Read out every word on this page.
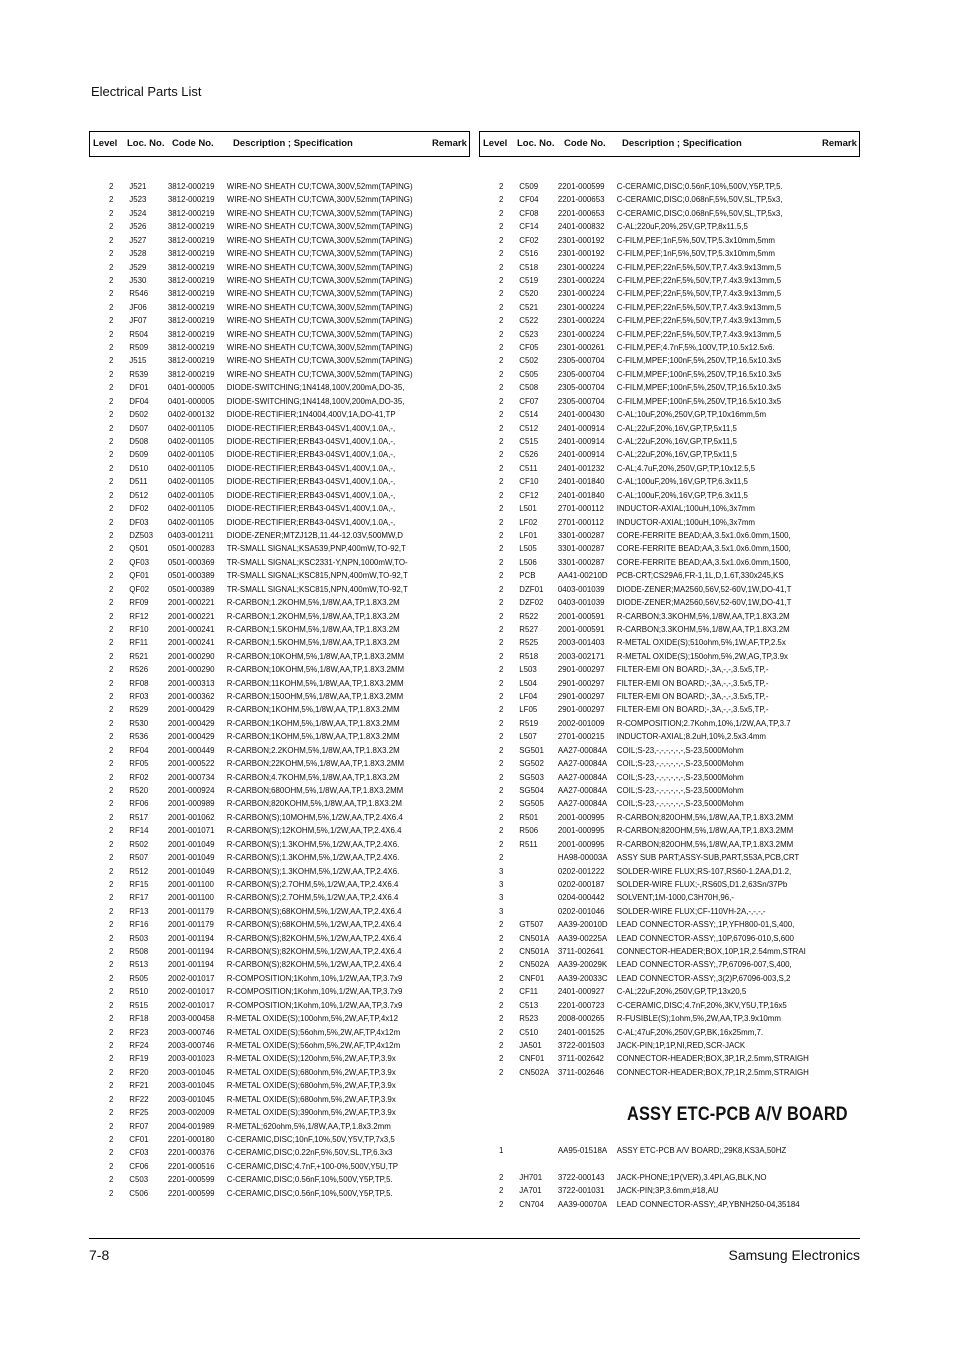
Electrical Parts List
Level Loc. No. Code No. Description ; Specification	Remark Level Loc. No. Code No. Description ; Specification	Remark
2 J521 3812-000219 WIRE-NO SHEATH CU;TCWA,300V,52mm(TAPING)
2 J523 3812-000219 WIRE-NO SHEATH CU;TCWA,300V,52mm(TAPING)
2 J524 3812-000219 WIRE-NO SHEATH CU;TCWA,300V,52mm(TAPING)
2 J526 3812-000219 WIRE-NO SHEATH CU;TCWA,300V,52mm(TAPING)
2 J527 3812-000219 WIRE-NO SHEATH CU;TCWA,300V,52mm(TAPING)
2 J528 3812-000219 WIRE-NO SHEATH CU;TCWA,300V,52mm(TAPING)
2 J529 3812-000219 WIRE-NO SHEATH CU;TCWA,300V,52mm(TAPING)
2 J530 3812-000219 WIRE-NO SHEATH CU;TCWA,300V,52mm(TAPING)
2 R546 3812-000219 WIRE-NO SHEATH CU;TCWA,300V,52mm(TAPING)
2 JF06 3812-000219 WIRE-NO SHEATH CU;TCWA,300V,52mm(TAPING)
2 JF07 3812-000219 WIRE-NO SHEATH CU;TCWA,300V,52mm(TAPING)
2 R504 3812-000219 WIRE-NO SHEATH CU;TCWA,300V,52mm(TAPING)
2 R509 3812-000219 WIRE-NO SHEATH CU;TCWA,300V,52mm(TAPING)
2 J515 3812-000219 WIRE-NO SHEATH CU;TCWA,300V,52mm(TAPING)
2 R539 3812-000219 WIRE-NO SHEATH CU;TCWA,300V,52mm(TAPING)
2 DF01 0401-000005 DIODE-SWITCHING;1N4148,100V,200mA,DO-35,
2 DF04 0401-000005 DIODE-SWITCHING;1N4148,100V,200mA,DO-35,
2 D502 0402-000132 DIODE-RECTIFIER;1N4004,400V,1A,DO-41,TP
2 D507 0402-001105 DIODE-RECTIFIER;ERB43-04SV1,400V,1.0A,-,
2 D508 0402-001105 DIODE-RECTIFIER;ERB43-04SV1,400V,1.0A,-,
2 D509 0402-001105 DIODE-RECTIFIER;ERB43-04SV1,400V,1.0A,-,
2 D510 0402-001105 DIODE-RECTIFIER;ERB43-04SV1,400V,1.0A,-,
2 D511 0402-001105 DIODE-RECTIFIER;ERB43-04SV1,400V,1.0A,-,
2 D512 0402-001105 DIODE-RECTIFIER;ERB43-04SV1,400V,1.0A,-,
2 DF02 0402-001105 DIODE-RECTIFIER;ERB43-04SV1,400V,1.0A,-,
2 DF03 0402-001105 DIODE-RECTIFIER;ERB43-04SV1,400V,1.0A,-,
2 DZ503 0403-001211 DIODE-ZENER;MTZJ12B,11.44-12.03V,500MW,D
2 Q501 0501-000283 TR-SMALL SIGNAL;KSA539,PNP,400mW,TO-92,T
2 QF03 0501-000369 TR-SMALL SIGNAL;KSC2331-Y,NPN,1000mW,TO-
2 QF01 0501-000389 TR-SMALL SIGNAL;KSC815,NPN,400mW,TO-92,T
2 QF02 0501-000389 TR-SMALL SIGNAL;KSC815,NPN,400mW,TO-92,T
2 RF09 2001-000221 R-CARBON;1.2KOHM,5%,1/8W,AA,TP,1.8X3.2M
2 RF12 2001-000221 R-CARBON;1.2KOHM,5%,1/8W,AA,TP,1.8X3.2M
2 RF10 2001-000241 R-CARBON;1.5KOHM,5%,1/8W,AA,TP,1.8X3.2M
2 RF11 2001-000241 R-CARBON;1.5KOHM,5%,1/8W,AA,TP,1.8X3.2M
2 R521 2001-000290 R-CARBON;10KOHM,5%,1/8W,AA,TP,1.8X3.2MM
2 R526 2001-000290 R-CARBON;10KOHM,5%,1/8W,AA,TP,1.8X3.2MM
2 RF08 2001-000313 R-CARBON;11KOHM,5%,1/8W,AA,TP,1.8X3.2MM
2 RF03 2001-000362 R-CARBON;150OHM,5%,1/8W,AA,TP,1.8X3.2MM
2 R529 2001-000429 R-CARBON;1KOHM,5%,1/8W,AA,TP,1.8X3.2MM
2 R530 2001-000429 R-CARBON;1KOHM,5%,1/8W,AA,TP,1.8X3.2MM
2 R536 2001-000429 R-CARBON;1KOHM,5%,1/8W,AA,TP,1.8X3.2MM
2 RF04 2001-000449 R-CARBON;2.2KOHM,5%,1/8W,AA,TP,1.8X3.2M
2 RF05 2001-000522 R-CARBON;22KOHM,5%,1/8W,AA,TP,1.8X3.2MM
2 RF02 2001-000734 R-CARBON;4.7KOHM,5%,1/8W,AA,TP,1.8X3.2M
2 R520 2001-000924 R-CARBON;680OHM,5%,1/8W,AA,TP,1.8X3.2MM
2 RF06 2001-000989 R-CARBON;820KOHM,5%,1/8W,AA,TP,1.8X3.2M
2 R517 2001-001062 R-CARBON(S);10MOHM,5%,1/2W,AA,TP,2.4X6.4
2 RF14 2001-001071 R-CARBON(S);12KOHM,5%,1/2W,AA,TP,2.4X6.4
2 R502 2001-001049 R-CARBON(S);1.3KOHM,5%,1/2W,AA,TP,2.4X6.
2 R507 2001-001049 R-CARBON(S);1.3KOHM,5%,1/2W,AA,TP,2.4X6.
2 R512 2001-001049 R-CARBON(S);1.3KOHM,5%,1/2W,AA,TP,2.4X6.
2 RF15 2001-001100 R-CARBON(S);2.7OHM,5%,1/2W,AA,TP,2.4X6.4
2 RF17 2001-001100 R-CARBON(S);2.7OHM,5%,1/2W,AA,TP,2.4X6.4
2 RF13 2001-001179 R-CARBON(S);68KOHM,5%,1/2W,AA,TP,2.4X6.4
2 RF16 2001-001179 R-CARBON(S);68KOHM,5%,1/2W,AA,TP,2.4X6.4
2 R503 2001-001194 R-CARBON(S);82KOHM,5%,1/2W,AA,TP,2.4X6.4
2 R508 2001-001194 R-CARBON(S);82KOHM,5%,1/2W,AA,TP,2.4X6.4
2 R513 2001-001194 R-CARBON(S);82KOHM,5%,1/2W,AA,TP,2.4X6.4
2 R505 2002-001017 R-COMPOSITION;1Kohm,10%,1/2W,AA,TP,3.7x9
2 R510 2002-001017 R-COMPOSITION;1Kohm,10%,1/2W,AA,TP,3.7x9
2 R515 2002-001017 R-COMPOSITION;1Kohm,10%,1/2W,AA,TP,3.7x9
2 RF18 2003-000458 R-METAL OXIDE(S);100ohm,5%,2W,AF,TP,4x12
2 RF23 2003-000746 R-METAL OXIDE(S);56ohm,5%,2W,AF,TP,4x12m
2 RF24 2003-000746 R-METAL OXIDE(S);56ohm,5%,2W,AF,TP,4x12m
2 RF19 2003-001023 R-METAL OXIDE(S);120ohm,5%,2W,AF,TP,3.9x
2 RF20 2003-001045 R-METAL OXIDE(S);680ohm,5%,2W,AF,TP,3.9x
2 RF21 2003-001045 R-METAL OXIDE(S);680ohm,5%,2W,AF,TP,3.9x
2 RF22 2003-001045 R-METAL OXIDE(S);680ohm,5%,2W,AF,TP,3.9x
2 RF25 2003-002009 R-METAL OXIDE(S);390ohm,5%,2W,AF,TP,3.9x
2 RF07 2004-001989 R-METAL;620ohm,5%,1/8W,AA,TP,1.8x3.2mm
2 CF01 2201-000180 C-CERAMIC,DISC;10nF,10%,50V,Y5V,TP,7x3,5
2 CF03 2201-000376 C-CERAMIC,DISC;0.22nF,5%,50V,SL,TP,6.3x3
2 CF06 2201-000516 C-CERAMIC,DISC;4.7nF,+100-0%,500V,Y5U,TP
2 C503 2201-000599 C-CERAMIC,DISC;0.56nF,10%,500V,Y5P,TP,5.
2 C506 2201-000599 C-CERAMIC,DISC;0.56nF,10%,500V,Y5P,TP,5.
2 C509 2201-000599 C-CERAMIC,DISC;0.56nF,10%,500V,Y5P,TP,5.
2 CF04 2201-000653 C-CERAMIC,DISC;0.068nF,5%,50V,SL,TP,5x3,
2 CF08 2201-000653 C-CERAMIC,DISC;0.068nF,5%,50V,SL,TP,5x3,
2 CF14 2401-000832 C-AL;220uF,20%,25V,GP,TP,8x11.5,5
2 CF02 2301-000192 C-FILM,PEF;1nF,5%,50V,TP,5.3x10mm,5mm
2 C516 2301-000192 C-FILM,PEF;1nF,5%,50V,TP,5.3x10mm,5mm
2 C518 2301-000224 C-FILM,PEF;22nF,5%,50V,TP,7.4x3.9x13mm,5
2 C519 2301-000224 C-FILM,PEF;22nF,5%,50V,TP,7.4x3.9x13mm,5
2 C520 2301-000224 C-FILM,PEF;22nF,5%,50V,TP,7.4x3.9x13mm,5
2 C521 2301-000224 C-FILM,PEF;22nF,5%,50V,TP,7.4x3.9x13mm,5
2 C522 2301-000224 C-FILM,PEF;22nF,5%,50V,TP,7.4x3.9x13mm,5
2 C523 2301-000224 C-FILM,PEF;22nF,5%,50V,TP,7.4x3.9x13mm,5
2 CF05 2301-000261 C-FILM,PEF;4.7nF,5%,100V,TP,10.5x12.5x6.
2 C502 2305-000704 C-FILM,MPEF;100nF,5%,250V,TP,16.5x10.3x5
2 C505 2305-000704 C-FILM,MPEF;100nF,5%,250V,TP,16.5x10.3x5
2 C508 2305-000704 C-FILM,MPEF;100nF,5%,250V,TP,16.5x10.3x5
2 CF07 2305-000704 C-FILM,MPEF;100nF,5%,250V,TP,16.5x10.3x5
2 C514 2401-000430 C-AL;10uF,20%,250V,GP,TP,10x16mm,5m
2 C512 2401-000914 C-AL;22uF,20%,16V,GP,TP,5x11,5
2 C515 2401-000914 C-AL;22uF,20%,16V,GP,TP,5x11,5
2 C526 2401-000914 C-AL;22uF,20%,16V,GP,TP,5x11,5
2 C511 2401-001232 C-AL;4.7uF,20%,250V,GP,TP,10x12.5,5
2 CF10 2401-001840 C-AL;100uF,20%,16V,GP,TP,6.3x11,5
2 CF12 2401-001840 C-AL;100uF,20%,16V,GP,TP,6.3x11,5
2 L501 2701-000112 INDUCTOR-AXIAL;100uH,10%,3x7mm
2 LF02 2701-000112 INDUCTOR-AXIAL;100uH,10%,3x7mm
2 LF01 3301-000287 CORE-FERRITE BEAD;AA,3.5x1.0x6.0mm,1500,
2 L505 3301-000287 CORE-FERRITE BEAD;AA,3.5x1.0x6.0mm,1500,
2 L506 3301-000287 CORE-FERRITE BEAD;AA,3.5x1.0x6.0mm,1500,
2 PCB	AA41-00210D PCB-CRT;CS29A6,FR-1,1L,D,1.6T,330x245,KS
2 DZF01 0403-001039 DIODE-ZENER;MA2560,56V,52-60V,1W,DO-41,T
2 DZF02 0403-001039 DIODE-ZENER;MA2560,56V,52-60V,1W,DO-41,T
2 R522 2001-000591 R-CARBON;3.3KOHM,5%,1/8W,AA,TP,1.8X3.2M
2 R527 2001-000591 R-CARBON;3.3KOHM,5%,1/8W,AA,TP,1.8X3.2M
2 R525 2003-001403 R-METAL OXIDE(S);510ohm,5%,1W,AF,TP,2.5x
2 R518 2003-002171 R-METAL OXIDE(S);150ohm,5%,2W,AG,TP,3.9x
2 L503 2901-000297 FILTER-EMI ON BOARD;-,3A,-,-,3.5x5,TP,-
2 L504 2901-000297 FILTER-EMI ON BOARD;-,3A,-,-,3.5x5,TP,-
2 LF04 2901-000297 FILTER-EMI ON BOARD;-,3A,-,-,3.5x5,TP,-
2 LF05 2901-000297 FILTER-EMI ON BOARD;-,3A,-,-,3.5x5,TP,-
2 R519 2002-001009 R-COMPOSITION;2.7Kohm,10%,1/2W,AA,TP,3.7
2 L507 2701-000215 INDUCTOR-AXIAL;8.2uH,10%,2.5x3.4mm
2 SG501 AA27-00084A COIL;S-23,-,-,-,-,-,-,S-23,5000Mohm
2 SG502 AA27-00084A COIL;S-23,-,-,-,-,-,-,S-23,5000Mohm
2 SG503 AA27-00084A COIL;S-23,-,-,-,-,-,-,S-23,5000Mohm
2 SG504 AA27-00084A COIL;S-23,-,-,-,-,-,-,S-23,5000Mohm
2 SG505 AA27-00084A COIL;S-23,-,-,-,-,-,-,S-23,5000Mohm
2 R501 2001-000995 R-CARBON;820OHM,5%,1/8W,AA,TP,1.8X3.2MM
2 R506 2001-000995 R-CARBON;820OHM,5%,1/8W,AA,TP,1.8X3.2MM
2 R511 2001-000995 R-CARBON;820OHM,5%,1/8W,AA,TP,1.8X3.2MM
2	HA98-00003A ASSY SUB PART;ASSY-SUB,PART,S53A,PCB,CRT
3	0202-001222 SOLDER-WIRE FLUX;RS-107,RS60-1.2AA,D1.2,
3	0202-000187 SOLDER-WIRE FLUX;-,RS60S,D1.2,63Sn/37Pb
3	0204-000442 SOLVENT;1M-1000,C3H70H,96,-
3	0202-001046 SOLDER-WIRE FLUX;CF-110VH-2A,-,-,-,-
2 GT507 AA39-20010D LEAD CONNECTOR-ASSY;,1P,YFH800-01,S,400,
2 CN501A AA39-00225A LEAD CONNECTOR-ASSY;,10P,67096-010,S,600
2 CN501A 3711-002641 CONNECTOR-HEADER;BOX,10P,1R,2.54mm,STRAI
2 CN502A AA39-20029K LEAD CONNECTOR-ASSY;,7P,67096-007,S,400,
2 CNF01 AA39-20033C LEAD CONNECTOR-ASSY;,3(2)P,67096-003,S,2
2 CF11 2401-000927 C-AL;22uF,20%,250V,GP,TP,13x20,5
2 C513 2201-000723 C-CERAMIC,DISC;4.7nF,20%,3KV,Y5U,TP,16x5
2 R523 2008-000265 R-FUSIBLE(S);1ohm,5%,2W,AA,TP,3.9x10mm
2 C510 2401-001525 C-AL;47uF,20%,250V,GP,BK,16x25mm,7.
2 JA501 3722-001503 JACK-PIN;1P,1P,NI,RED,SCR-JACK
2 CNF01 3711-002642 CONNECTOR-HEADER;BOX,3P,1R,2.5mm,STRAIGH
2 CN502A 3711-002646 CONNECTOR-HEADER;BOX,7P,1R,2.5mm,STRAIGH
ASSY ETC-PCB A/V BOARD
1	AA95-01518A ASSY ETC-PCB A/V BOARD;,29K8,KS3A,50HZ
2 JH701 3722-000143 JACK-PHONE;1P(VER),3.4PI,AG,BLK,NO
2 JA701 3722-001031 JACK-PIN;3P,3.6mm,#18,AU
2 CN704 AA39-00070A LEAD CONNECTOR-ASSY;,4P,YBNH250-04,35184
7-8	Samsung Electronics
